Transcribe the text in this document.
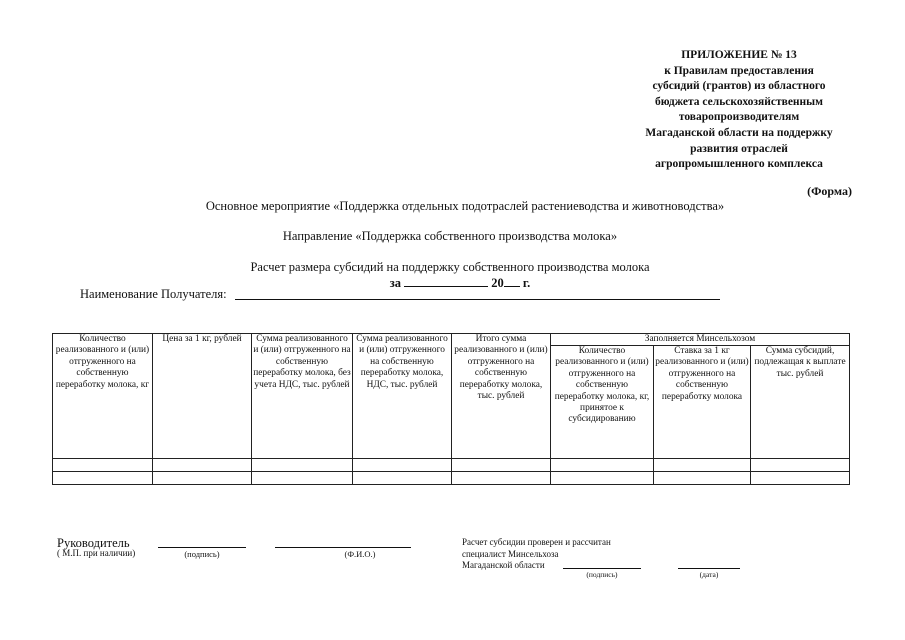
ПРИЛОЖЕНИЕ № 13
к Правилам предоставления
субсидий (грантов) из областного
бюджета сельскохозяйственным
товаропроизводителям
Магаданской области на поддержку
развития отраслей
агропромышленного комплекса
(Форма)
Основное мероприятие «Поддержка отдельных подотраслей растениеводства и животноводства»
Направление «Поддержка собственного производства молока»
Расчет размера субсидий на поддержку собственного производства молока
за	20 г.
Наименование Получателя:
Количество реализованного и (или) отгруженного на собственную переработку молока, кг	Цена за 1 кг, рублей	Сумма реализованного и (или) отгруженного на собственную переработку молока, без учета НДС, тыс. рублей	Сумма реализованного и (или) отгруженного на собственную переработку молока, НДС, тыс. рублей	Итого сумма реализованного и (или) отгруженного на собственную переработку молока, тыс. рублей	Заполняется Минсельхозом		
					Количество реализованного и (или) отгруженного на собственную переработку молока, кг, принятое к субсидированию	Ставка за 1 кг реализованного и (или) отгруженного на собственную переработку молока	Сумма субсидий, подлежащая к выплате тыс. рублей

Руководитель
( М.П. при наличии)	(подпись)	(Ф.И.О.)
Расчет субсидии проверен и рассчитан
специалист Минсельхоза
Магаданской области
(подпись)	(дата)
